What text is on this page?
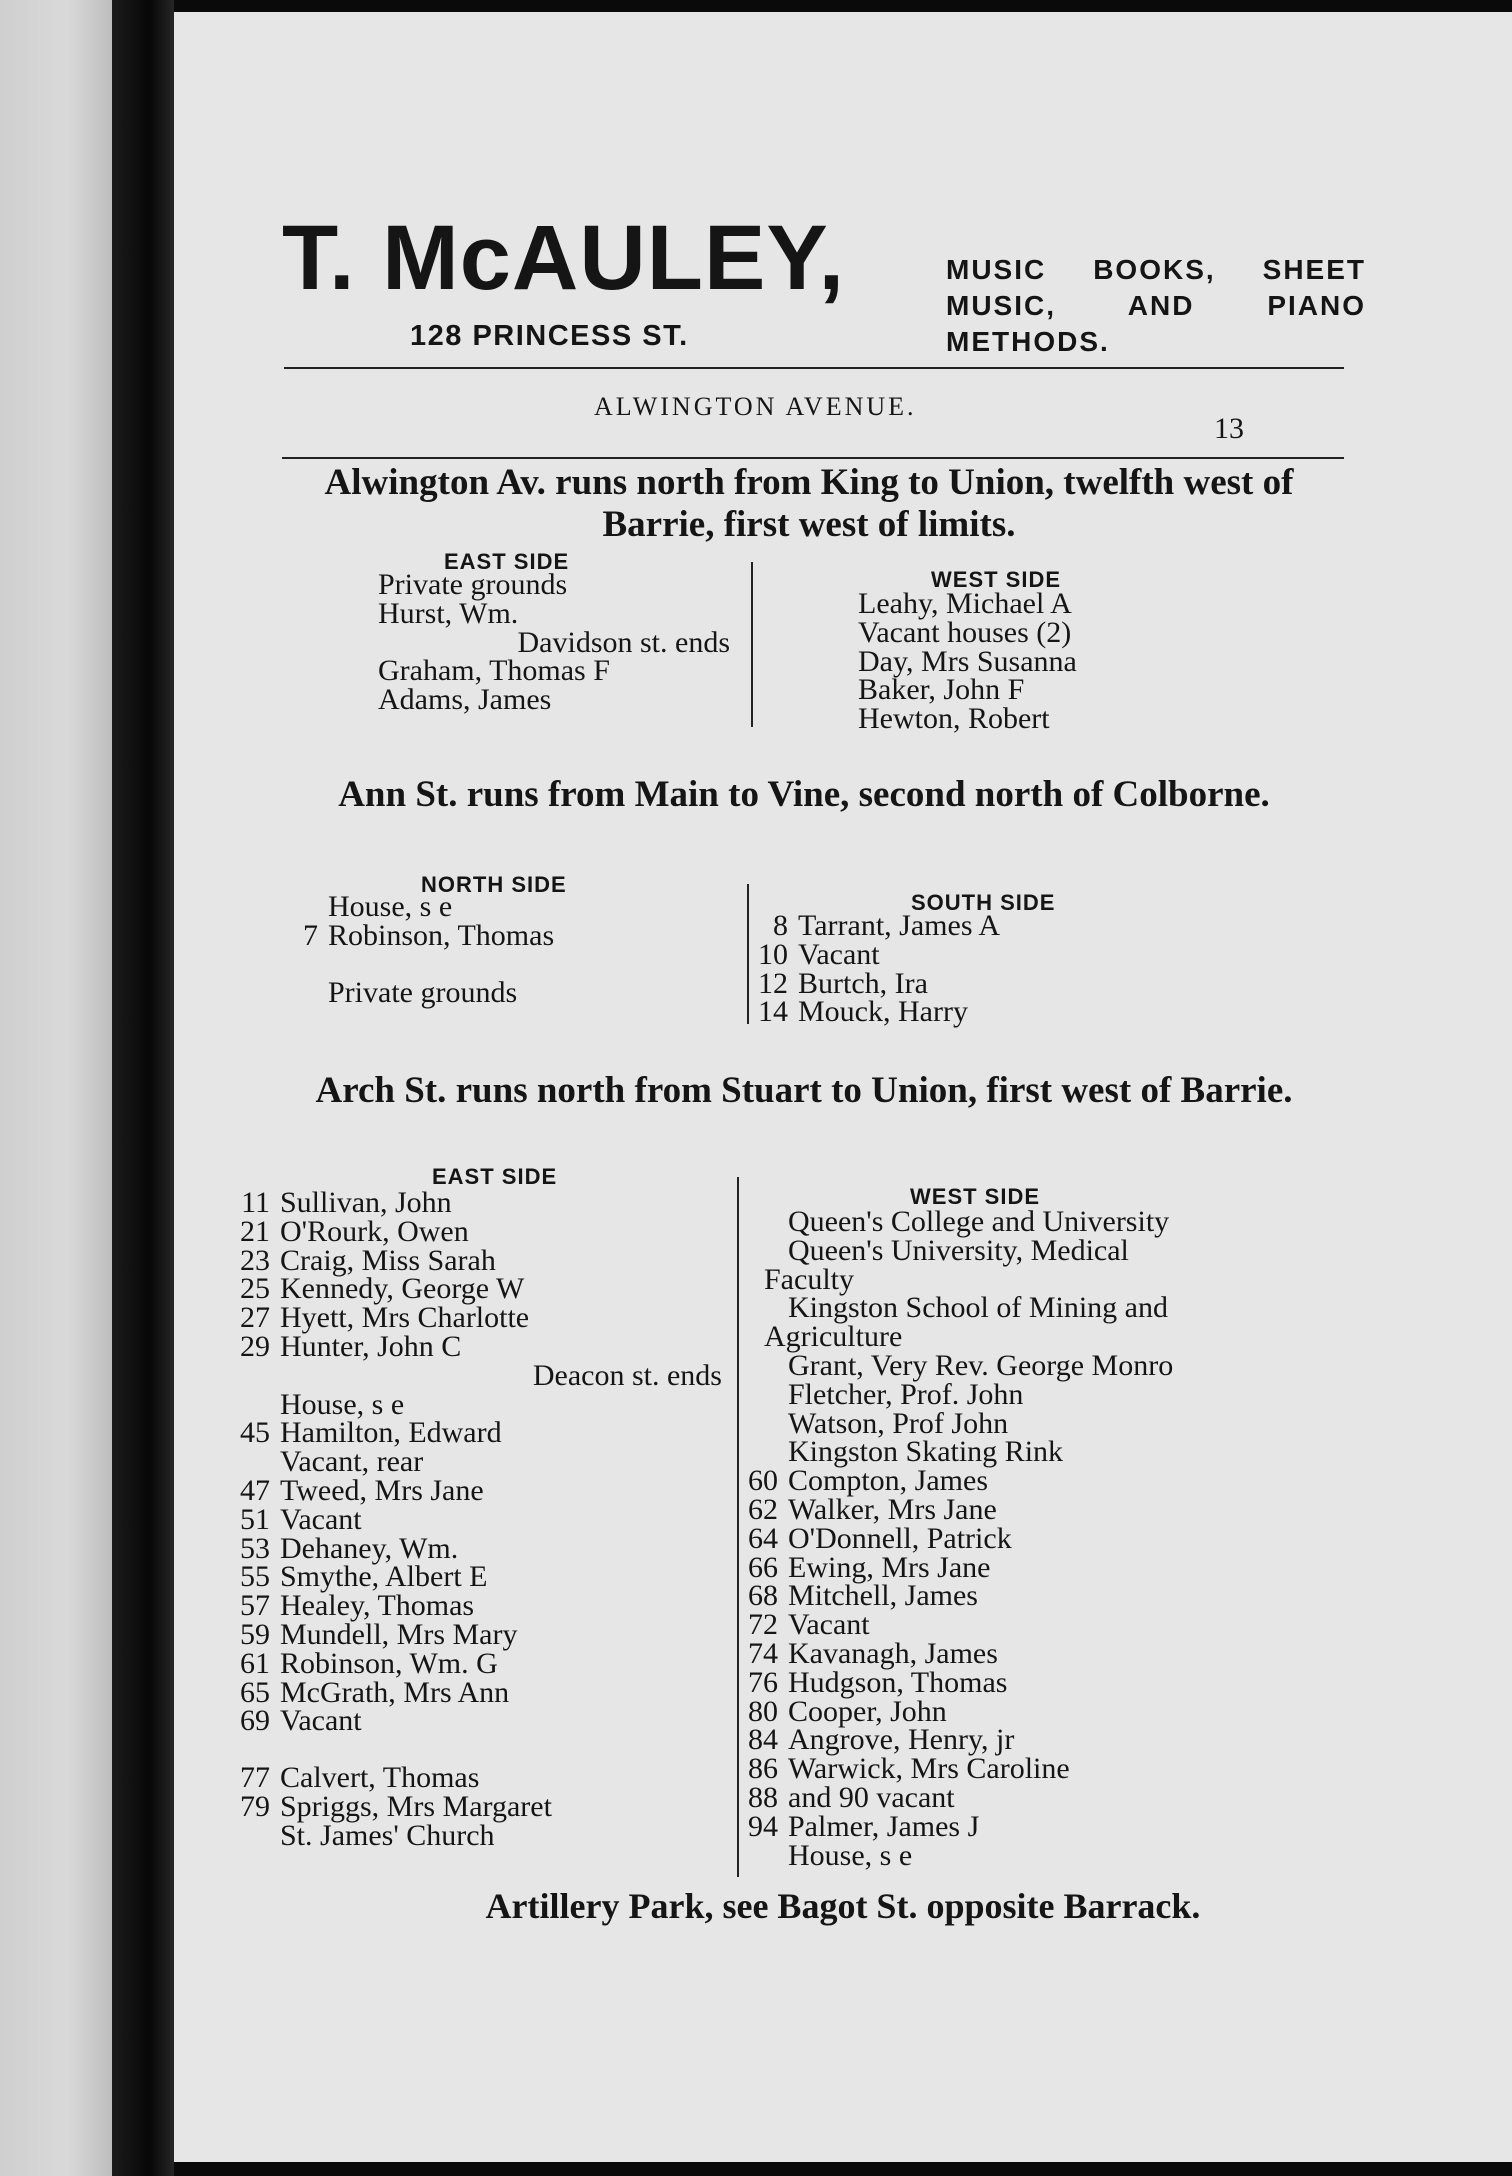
T. McAULEY,
128 PRINCESS ST.
MUSIC BOOKS, SHEET MUSIC, AND PIANO METHODS.
ALWINGTON AVENUE.
13
Alwington Av. runs north from King to Union, twelfth west of Barrie, first west of limits.
EAST SIDE
WEST SIDE
Private grounds
Hurst, Wm.
Davidson st. ends
Graham, Thomas F
Adams, James
Leahy, Michael A
Vacant houses (2)
Day, Mrs Susanna
Baker, John F
Hewton, Robert
Ann St. runs from Main to Vine, second north of Colborne.
NORTH SIDE
SOUTH SIDE
House, s e
7 Robinson, Thomas
Private grounds
8 Tarrant, James A
10 Vacant
12 Burtch, Ira
14 Mouck, Harry
Arch St. runs north from Stuart to Union, first west of Barrie.
EAST SIDE
WEST SIDE
11 Sullivan, John
21 O'Rourk, Owen
23 Craig, Miss Sarah
25 Kennedy, George W
27 Hyett, Mrs Charlotte
29 Hunter, John C
Deacon st. ends
House, s e
45 Hamilton, Edward
Vacant, rear
47 Tweed, Mrs Jane
51 Vacant
53 Dehaney, Wm.
55 Smythe, Albert E
57 Healey, Thomas
59 Mundell, Mrs Mary
61 Robinson, Wm. G
65 McGrath, Mrs Ann
69 Vacant
77 Calvert, Thomas
79 Spriggs, Mrs Margaret
St. James' Church
Queen's College and University
Queen's University, Medical
Faculty
Kingston School of Mining and
Agriculture
Grant, Very Rev. George Monro
Fletcher, Prof. John
Watson, Prof John
Kingston Skating Rink
60 Compton, James
62 Walker, Mrs Jane
64 O'Donnell, Patrick
66 Ewing, Mrs Jane
68 Mitchell, James
72 Vacant
74 Kavanagh, James
76 Hudgson, Thomas
80 Cooper, John
84 Angrove, Henry, jr
86 Warwick, Mrs Caroline
88 and 90 vacant
94 Palmer, James J
House, s e
Artillery Park, see Bagot St. opposite Barrack.
